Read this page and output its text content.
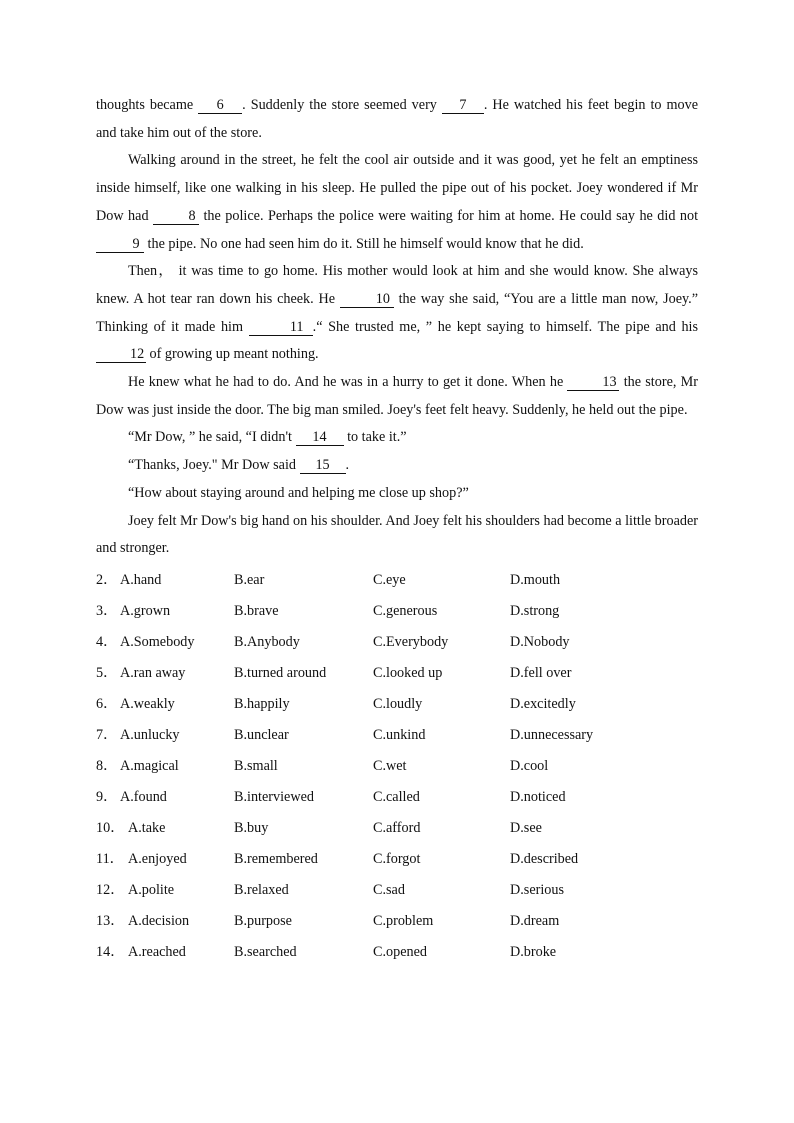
thoughts became 6 . Suddenly the store seemed very 7 . He watched his feet begin to move and take him out of the store.

Walking around in the street, he felt the cool air outside and it was good, yet he felt an emptiness inside himself, like one walking in his sleep. He pulled the pipe out of his pocket. Joey wondered if Mr Dow had	8 the police. Perhaps the police were waiting for him at home. He could say he did not 9 the pipe. No one had seen him do it. Still he himself would know that he did.

Then， it was time to go home. His mother would look at him and she would know. She always knew. A hot tear ran down his cheek. He	10 the way she said, “You are a little man now, Joey.” Thinking of it made him	11 .“ She trusted me, ” he kept saying to himself. The pipe and his 12 of growing up meant nothing.

He knew what he had to do. And he was in a hurry to get it done. When he	13 the store, Mr Dow was just inside the door. The big man smiled. Joey's feet felt heavy. Suddenly, he held out the pipe.

“Mr Dow, ” he said, “I didn't 14 to take it.”

“Thanks, Joey." Mr Dow said 15 .

“How about staying around and helping me close up shop?”

Joey felt Mr Dow's big hand on his shoulder. And Joey felt his shoulders had become a little broader and stronger.

2． A.hand	B.ear	C.eye	D.mouth
3． A.grown	B.brave	C.generous	D.strong
4． A.Somebody	B.Anybody	C.Everybody	D.Nobody
5． A.ran away	B.turned around	C.looked up	D.fell over
6． A.weakly	B.happily	C.loudly	D.excitedly
7． A.unlucky	B.unclear	C.unkind	D.unnecessary
8． A.magical	B.small	C.wet	D.cool
9． A.found	B.interviewed	C.called	D.noticed
10． A.take	B.buy	C.afford	D.see
11． A.enjoyed	B.remembered	C.forgot	D.described
12． A.polite	B.relaxed	C.sad	D.serious
13． A.decision	B.purpose	C.problem	D.dream
14． A.reached	B.searched	C.opened	D.broke
